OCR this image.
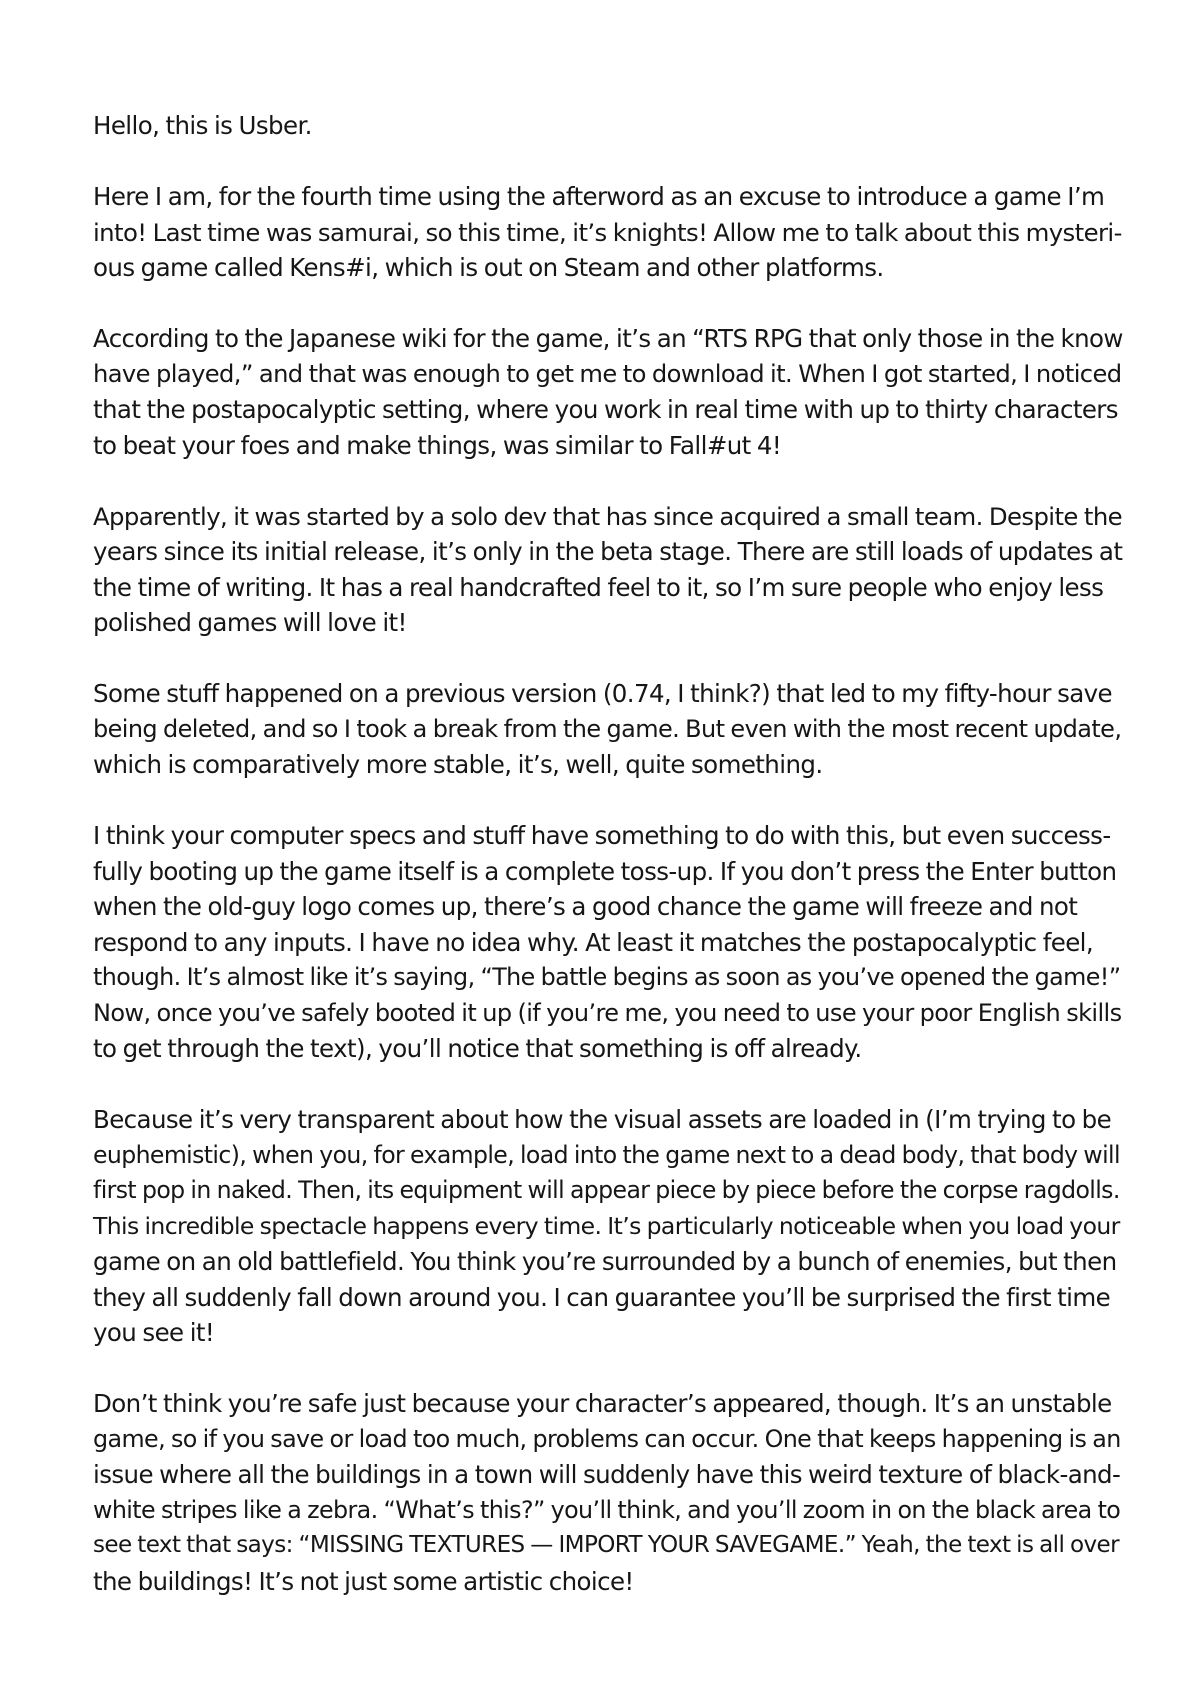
Hello, this is Usber.
Here I am, for the fourth time using the afterword as an excuse to introduce a game I’m
into! Last time was samurai, so this time, it’s knights! Allow me to talk about this mysteri-
ous game called Kens#i, which is out on Steam and other platforms.
According to the Japanese wiki for the game, it’s an “RTS RPG that only those in the know
have played,” and that was enough to get me to download it. When I got started, I noticed
that the postapocalyptic setting, where you work in real time with up to thirty characters
to beat your foes and make things, was similar to Fall#ut 4!
Apparently, it was started by a solo dev that has since acquired a small team. Despite the
years since its initial release, it’s only in the beta stage. There are still loads of updates at
the time of writing. It has a real handcrafted feel to it, so I’m sure people who enjoy less
polished games will love it!
Some stuff happened on a previous version (0.74, I think?) that led to my fifty-hour save
being deleted, and so I took a break from the game. But even with the most recent update,
which is comparatively more stable, it’s, well, quite something.
I think your computer specs and stuff have something to do with this, but even success-
fully booting up the game itself is a complete toss-up. If you don’t press the Enter button
when the old-guy logo comes up, there’s a good chance the game will freeze and not
respond to any inputs. I have no idea why. At least it matches the postapocalyptic feel,
though. It’s almost like it’s saying, “The battle begins as soon as you’ve opened the game!”
Now, once you’ve safely booted it up (if you’re me, you need to use your poor English skills
to get through the text), you’ll notice that something is off already.
Because it’s very transparent about how the visual assets are loaded in (I’m trying to be
euphemistic), when you, for example, load into the game next to a dead body, that body will
first pop in naked. Then, its equipment will appear piece by piece before the corpse ragdolls.
This incredible spectacle happens every time. It’s particularly noticeable when you load your
game on an old battlefield. You think you’re surrounded by a bunch of enemies, but then
they all suddenly fall down around you. I can guarantee you’ll be surprised the first time
you see it!
Don’t think you’re safe just because your character’s appeared, though. It’s an unstable
game, so if you save or load too much, problems can occur. One that keeps happening is an
issue where all the buildings in a town will suddenly have this weird texture of black-and-
white stripes like a zebra. “What’s this?” you’ll think, and you’ll zoom in on the black area to
see text that says: “MISSING TEXTURES — IMPORT YOUR SAVEGAME.” Yeah, the text is all over
the buildings! It’s not just some artistic choice!
